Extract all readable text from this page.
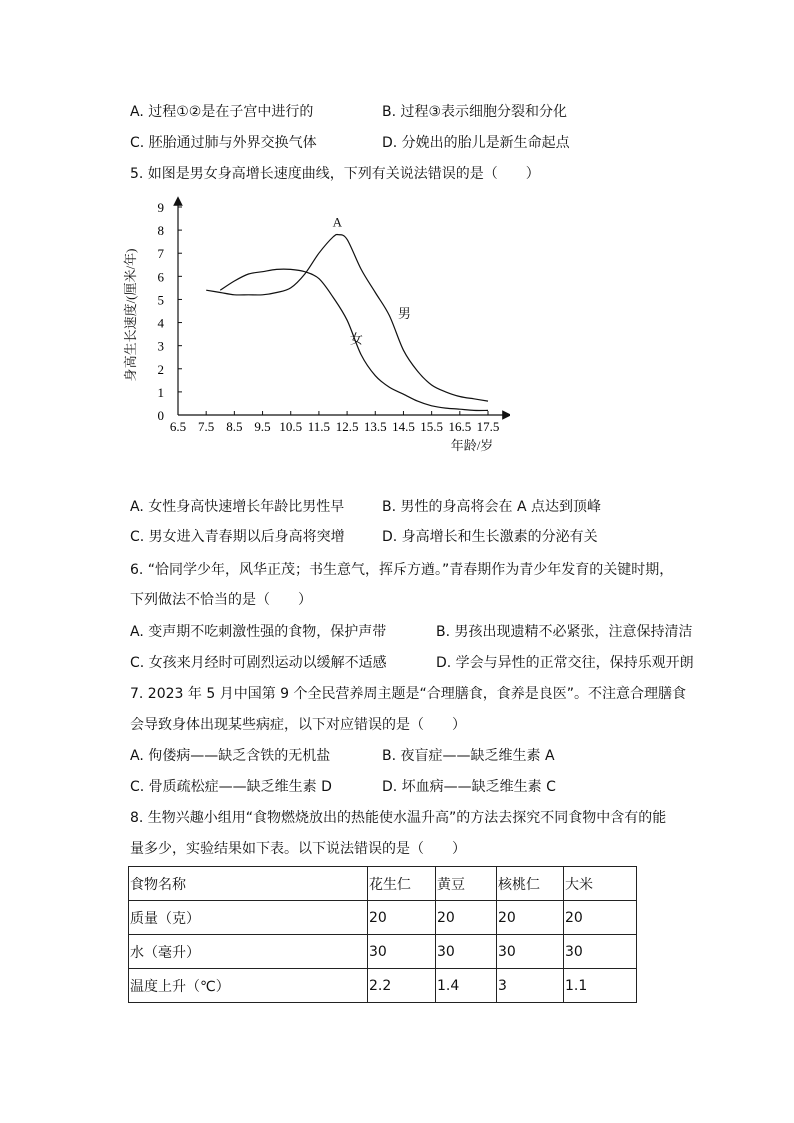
A. 过程①②是在子宫中进行的	B. 过程③表示细胞分裂和分化
C. 胚胎通过肺与外界交换气体	D. 分娩出的胎儿是新生命起点
5. 如图是男女身高增长速度曲线，下列有关说法错误的是（　　）
0
1
2
3
4
5
6
7
8
9
6.5 7.5 8.5 9.5 10.5 11.5 12.5 13.5 14.5 15.5 16.5 17.5
身高生长速度/(厘米/年)
年龄/岁
A
男
女
A. 女性身高快速增长年龄比男性早	B. 男性的身高将会在 A 点达到顶峰
C. 男女进入青春期以后身高将突增	D. 身高增长和生长激素的分泌有关
6. “恰同学少年，风华正茂；书生意气，挥斥方遒。”青春期作为青少年发育的关键时期，
下列做法不恰当的是（　　）
A. 变声期不吃刺激性强的食物，保护声带	B. 男孩出现遗精不必紧张，注意保持清洁
C. 女孩来月经时可剧烈运动以缓解不适感	D. 学会与异性的正常交往，保持乐观开朗
7. 2023 年 5 月中国第 9 个全民营养周主题是“合理膳食，食养是良医”。不注意合理膳食
会导致身体出现某些病症，以下对应错误的是（　　）
A. 佝偻病——缺乏含铁的无机盐	B. 夜盲症——缺乏维生素 A
C. 骨质疏松症——缺乏维生素 D	D. 坏血病——缺乏维生素 C
8. 生物兴趣小组用“食物燃烧放出的热能使水温升高”的方法去探究不同食物中含有的能
量多少，实验结果如下表。以下说法错误的是（　　）
食物名称	花生仁	黄豆	核桃仁	大米
质量（克）	20	20	20	20
水（毫升）	30	30	30	30
温度上升（℃）	2.2	1.4	3	1.1
